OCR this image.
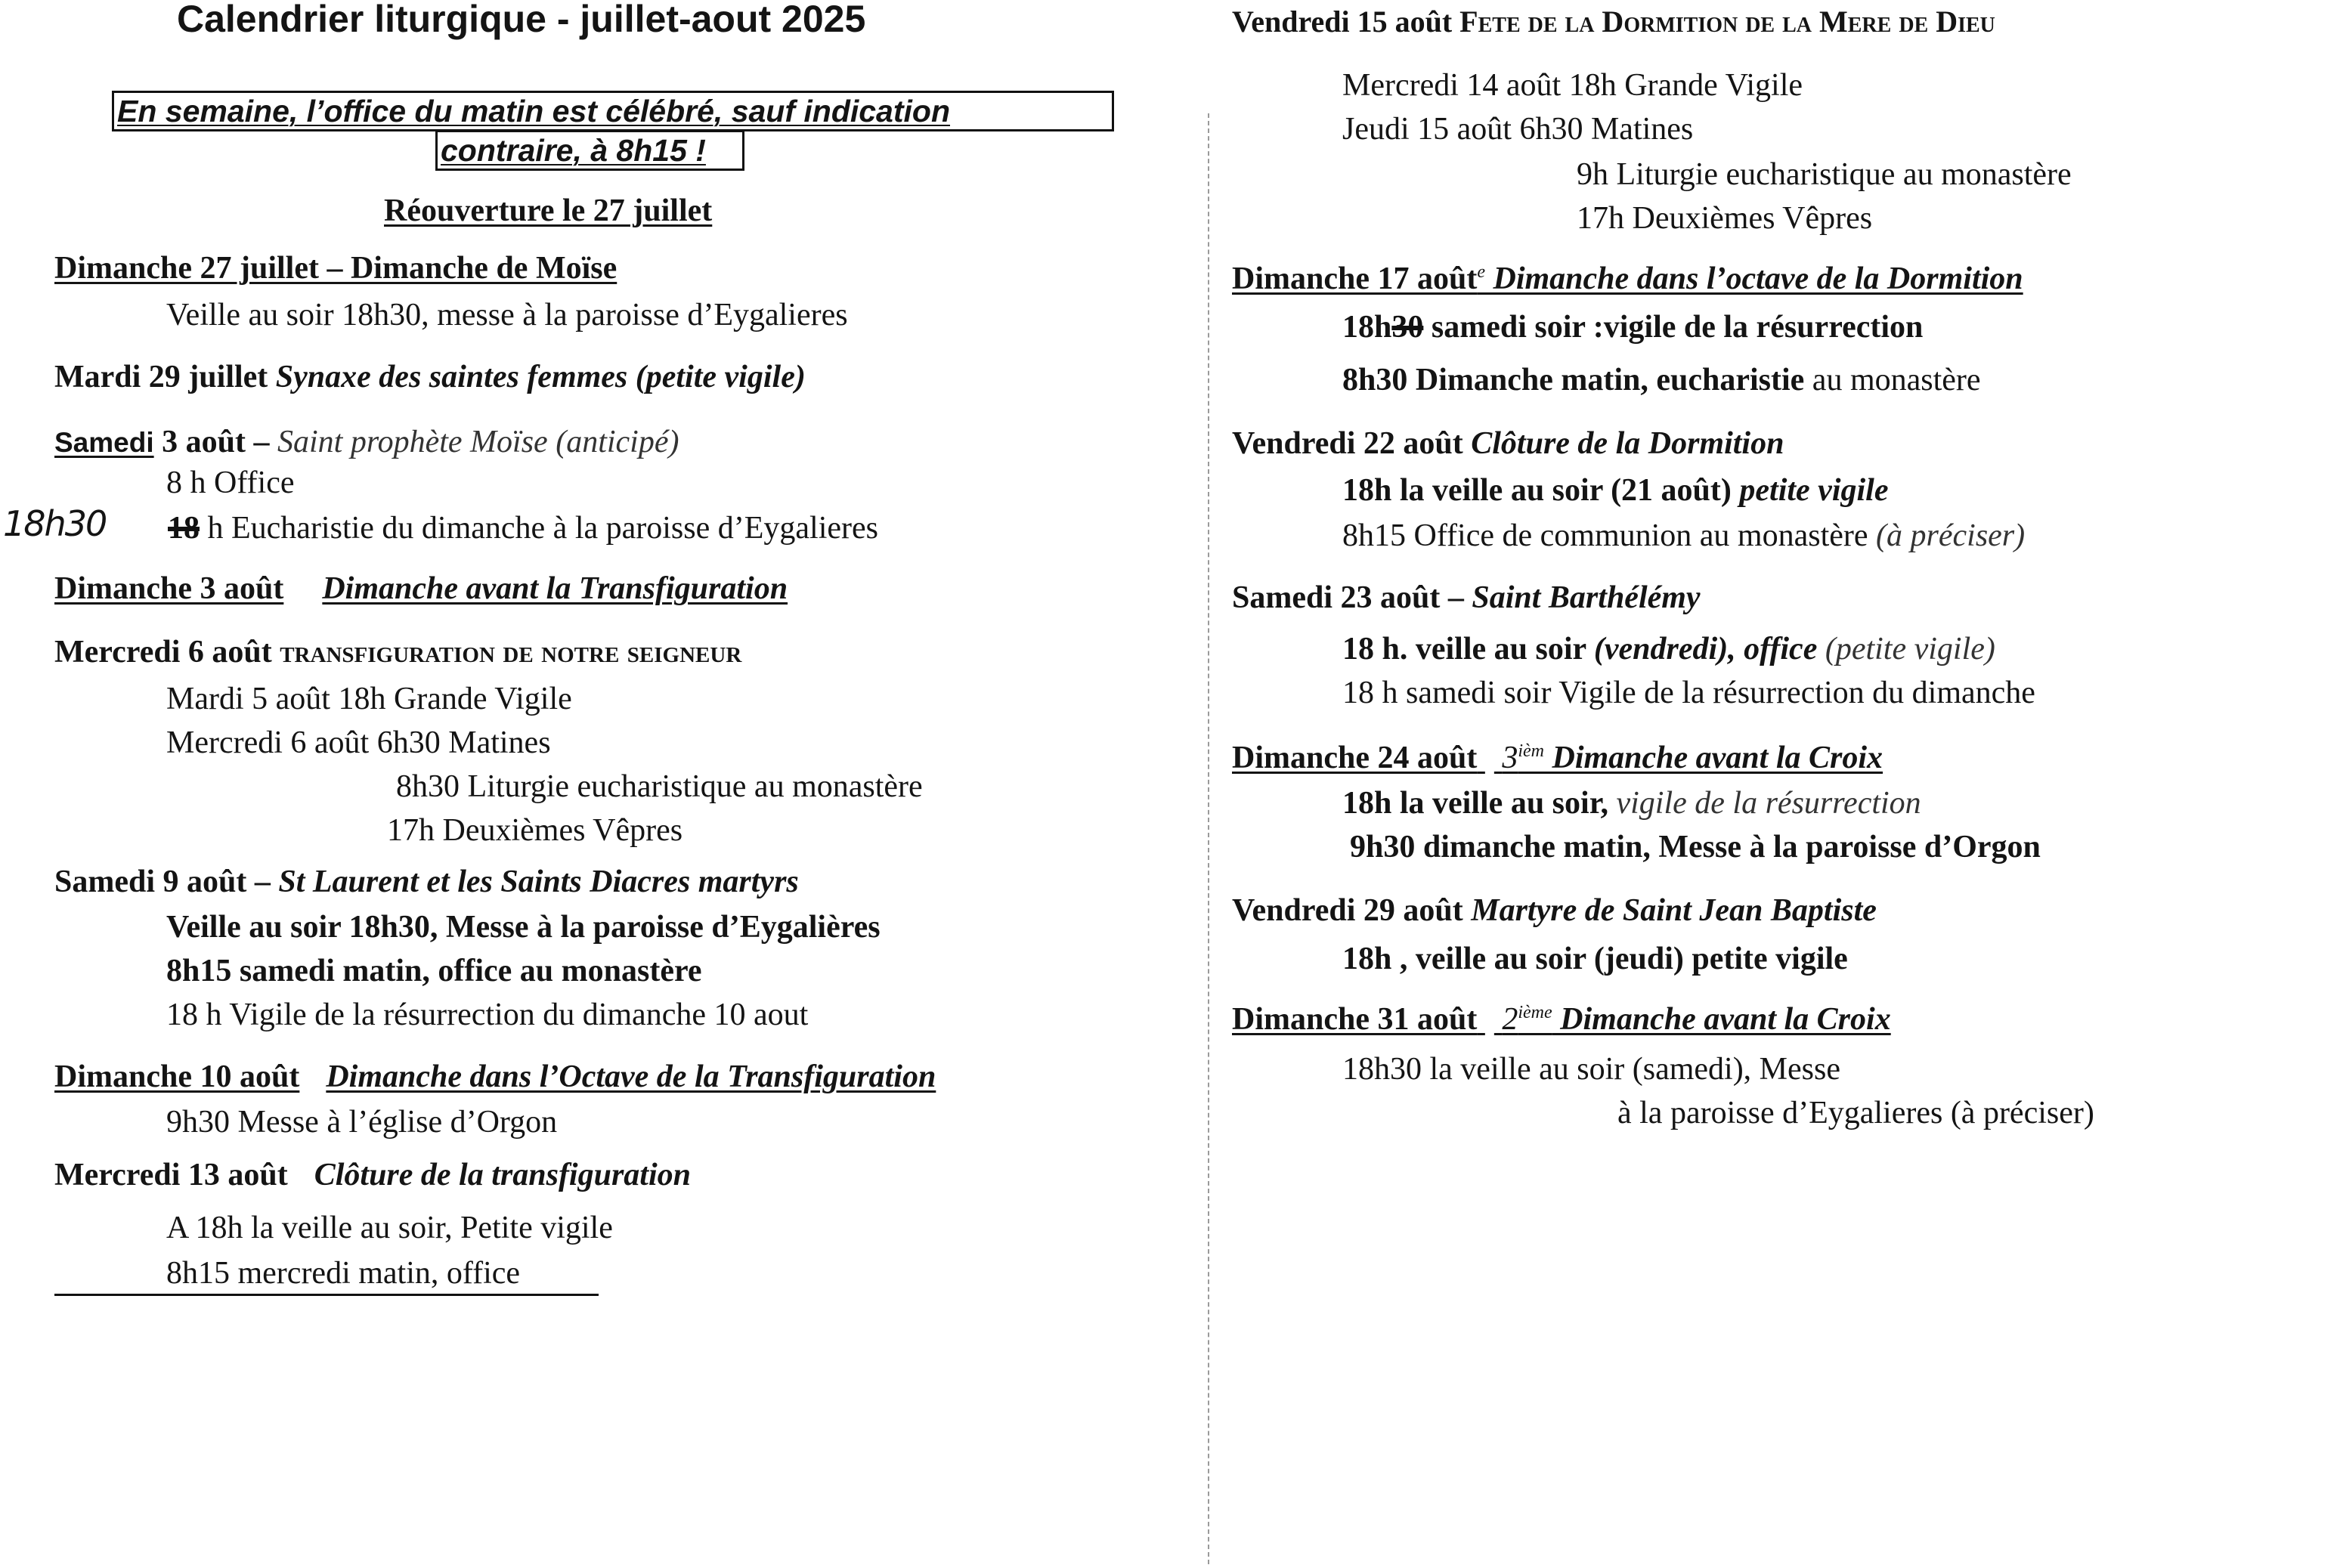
Calendrier liturgique - juillet-aout 2025
En semaine, l’office du matin est célébré, sauf indication
contraire, à 8h15 !
Réouverture le 27 juillet
Dimanche 27 juillet – Dimanche de Moïse
Veille au soir 18h30, messe à la paroisse d’Eygalieres
Mardi 29 juillet Synaxe des saintes femmes (petite vigile)
Samedi 3 août – Saint prophète Moïse (anticipé)
8 h Office
18h30 18 h Eucharistie du dimanche à la paroisse d’Eygalieres
Dimanche 3 août Dimanche avant la Transfiguration
Mercredi 6 août transfiguration de notre seigneur
Mardi 5 août 18h Grande Vigile
Mercredi 6 août 6h30 Matines
8h30 Liturgie eucharistique au monastère
17h Deuxièmes Vêpres
Samedi 9 août – St Laurent et les Saints Diacres martyrs
Veille au soir 18h30, Messe à la paroisse d’Eygalières
8h15 samedi matin, office au monastère
18 h Vigile de la résurrection du dimanche 10 aout
Dimanche 10 août Dimanche dans l’Octave de la Transfiguration
9h30 Messe à l’église d’Orgon
Mercredi 13 août Clôture de la transfiguration
A 18h la veille au soir, Petite vigile
8h15 mercredi matin, office
Vendredi 15 août Fete de la Dormition de la Mere de Dieu
Mercredi 14 août 18h Grande Vigile
Jeudi 15 août 6h30 Matines
9h Liturgie eucharistique au monastère
17h Deuxièmes Vêpres
Dimanche 17 août$^e$ Dimanche dans l’octave de la Dormition
18h30 samedi soir :vigile de la résurrection
8h30 Dimanche matin, eucharistie au monastère
Vendredi 22 août Clôture de la Dormition
18h la veille au soir (21 août) petite vigile
8h15 Office de communion au monastère (à préciser)
Samedi 23 août – Saint Barthélémy
18 h. veille au soir (vendredi), office (petite vigile)
18 h samedi soir Vigile de la résurrection du dimanche
Dimanche 24 août $3^{ièm}$ Dimanche avant la Croix
18h la veille au soir, vigile de la résurrection
9h30 dimanche matin, Messe à la paroisse d’Orgon
Vendredi 29 août Martyre de Saint Jean Baptiste
18h , veille au soir (jeudi) petite vigile
Dimanche 31 août 2ième Dimanche avant la Croix
18h30 la veille au soir (samedi), Messe
à la paroisse d’Eygalieres (à préciser)
